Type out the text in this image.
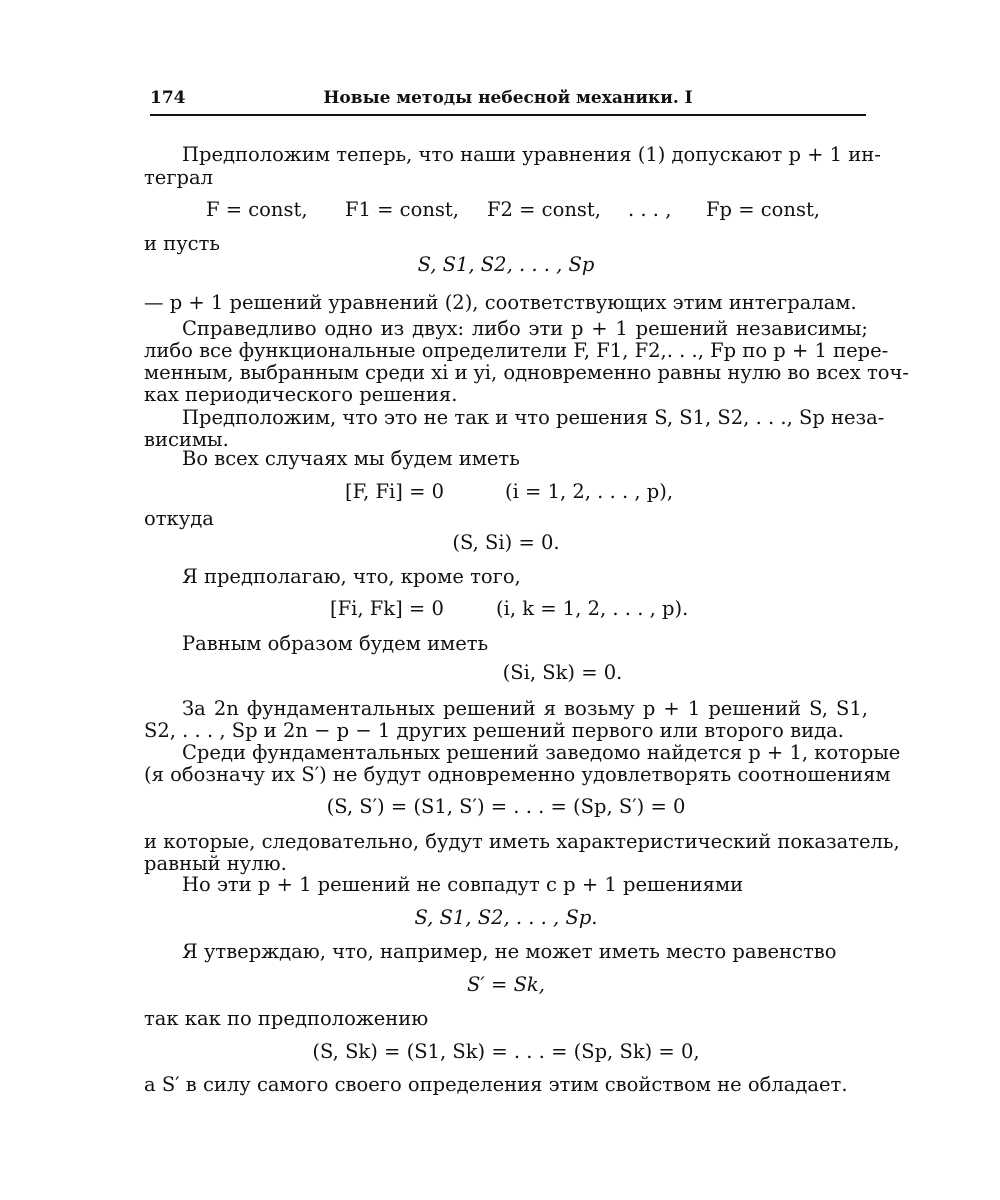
174	Новые методы небесной механики. I
Предположим теперь, что наши уравнения (1) допускают p + 1 ин-
теграл
F = const, F1 = const, F2 = const, . . . , Fp = const,
и пусть
S, S1, S2, . . . , Sp
— p + 1 решений уравнений (2), соответствующих этим интегралам.
Справедливо одно из двух: либо эти p + 1 решений независимы;
либо все функциональные определители F, F1, F2,. . ., Fp по p + 1 пере-
менным, выбранным среди xi и yi, одновременно равны нулю во всех точ-
ках периодического решения.
Предположим, что это не так и что решения S, S1, S2, . . ., Sp неза-
висимы.
Во всех случаях мы будем иметь
[F, Fi] = 0	(i = 1, 2, . . . , p),
откуда
(S, Si) = 0.
Я предполагаю, что, кроме того,
[Fi, Fk] = 0	(i, k = 1, 2, . . . , p).
Равным образом будем иметь
(Si, Sk) = 0.
За 2n фундаментальных решений я возьму p + 1 решений S, S1,
S2, . . . , Sp и 2n − p − 1 других решений первого или второго вида.
Среди фундаментальных решений заведомо найдется p + 1, которые
(я обозначу их S′) не будут одновременно удовлетворять соотношениям
(S, S′) = (S1, S′) = . . . = (Sp, S′) = 0
и которые, следовательно, будут иметь характеристический показатель,
равный нулю.
Но эти p + 1 решений не совпадут с p + 1 решениями
S, S1, S2, . . . , Sp.
Я утверждаю, что, например, не может иметь место равенство
S′ = Sk,
так как по предположению
(S, Sk) = (S1, Sk) = . . . = (Sp, Sk) = 0,
а S′ в силу самого своего определения этим свойством не обладает.
